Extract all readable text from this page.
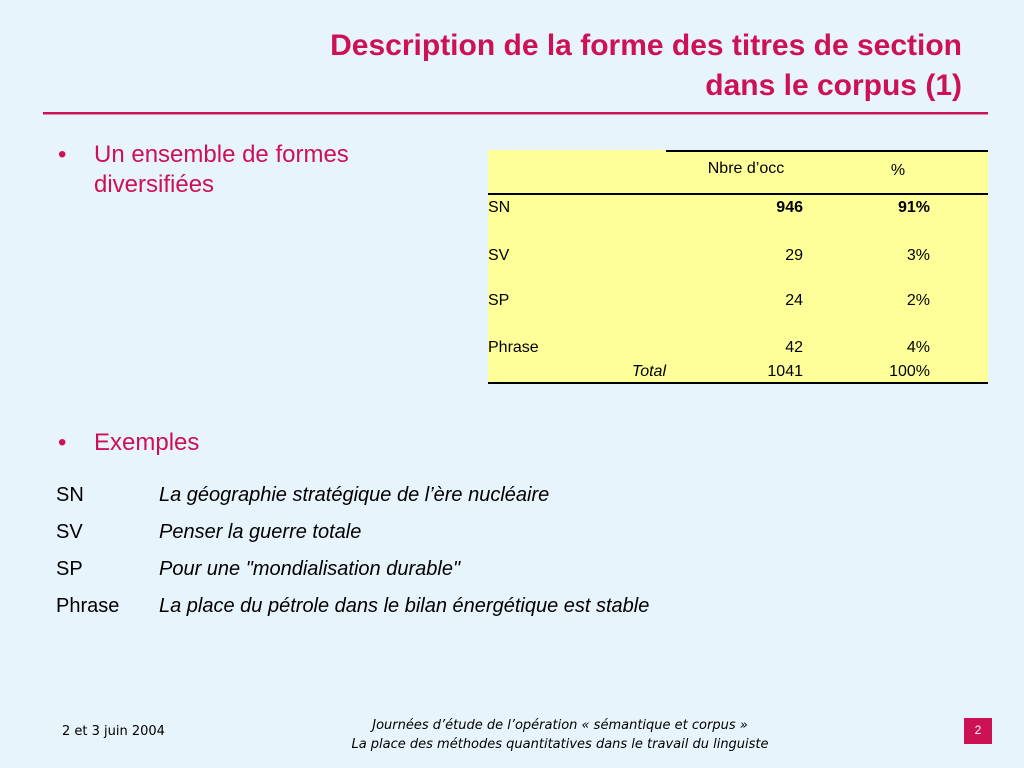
Description de la forme des titres de section
dans le corpus (1)
•	Un ensemble de formes diversifiées
Nbre d’occ	%
SN	946	91%
SV	29	3%
SP	24	2%
Phrase	42	4%
Total	1041	100%
•	Exemples
SN	La géographie stratégique de l’ère nucléaire
SV	Penser la guerre totale
SP	Pour une "mondialisation durable"
Phrase La place du pétrole dans le bilan énergétique est stable
2 et 3 juin 2004	Journées d’étude de l’opération « sémantique et corpus »
La place des méthodes quantitatives dans le travail du linguiste
2
